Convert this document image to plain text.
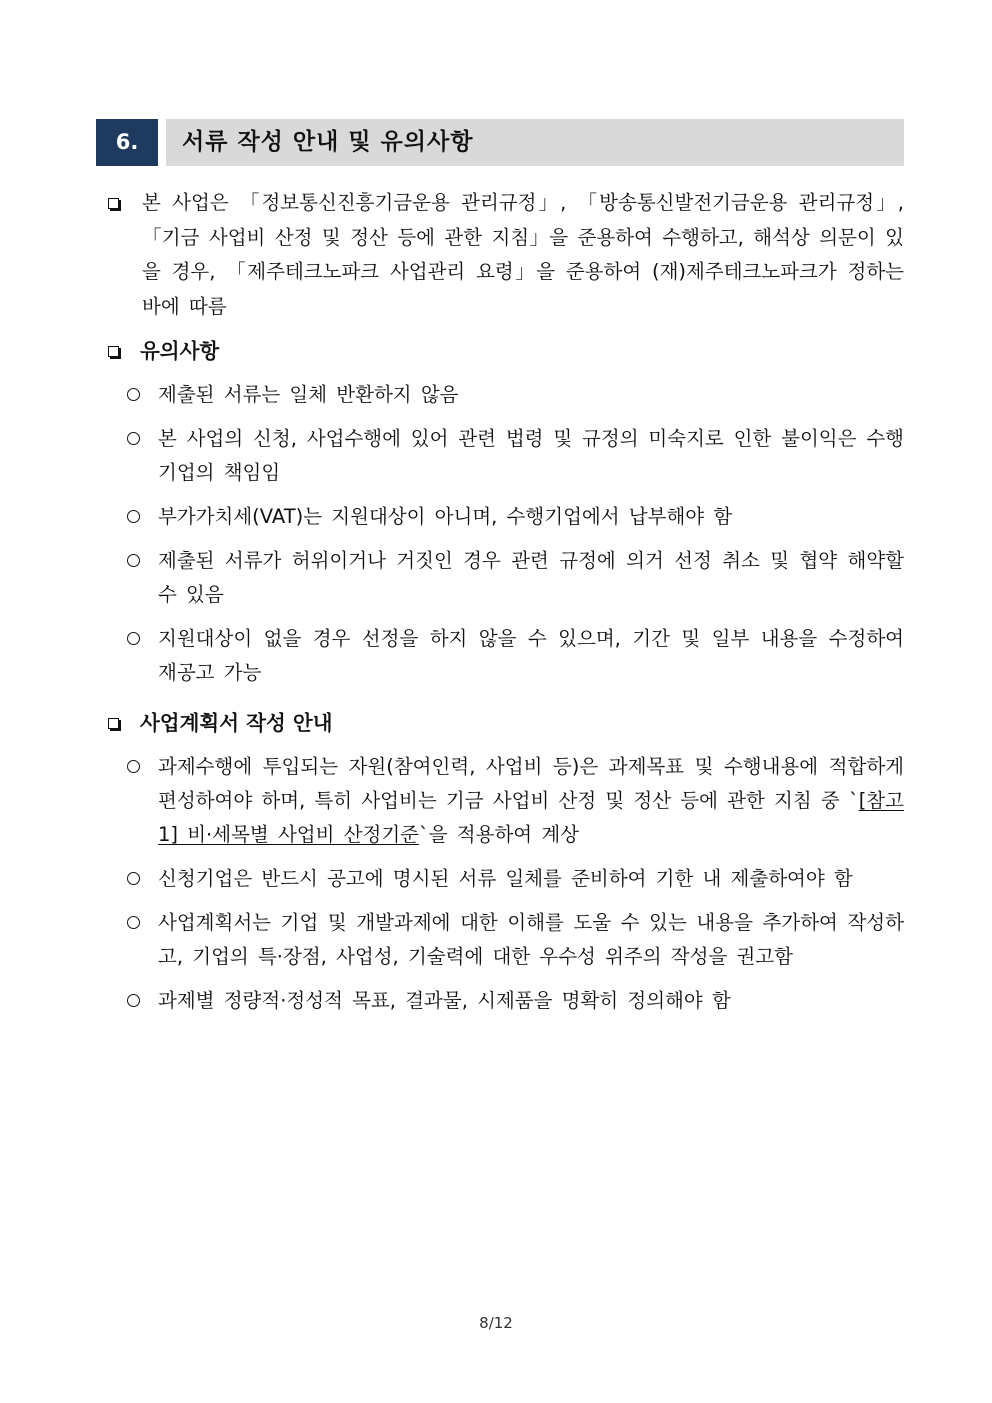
6.	서류 작성 안내 및 유의사항
본 사업은 「정보통신진흥기금운용 관리규정」, 「방송통신발전기금운용 관리규정」, 「기금 사업비 산정 및 정산 등에 관한 지침」을 준용하여 수행하고, 해석상 의문이 있을 경우, 「제주테크노파크 사업관리 요령」을 준용하여 (재)제주테크노파크가 정하는 바에 따름
유의사항
제출된 서류는 일체 반환하지 않음
본 사업의 신청, 사업수행에 있어 관련 법령 및 규정의 미숙지로 인한 불이익은 수행기업의 책임임
부가가치세(VAT)는 지원대상이 아니며, 수행기업에서 납부해야 함
제출된 서류가 허위이거나 거짓인 경우 관련 규정에 의거 선정 취소 및 협약 해약할 수 있음
지원대상이 없을 경우 선정을 하지 않을 수 있으며, 기간 및 일부 내용을 수정하여 재공고 가능
사업계획서 작성 안내
과제수행에 투입되는 자원(참여인력, 사업비 등)은 과제목표 및 수행내용에 적합하게 편성하여야 하며, 특히 사업비는 기금 사업비 산정 및 정산 등에 관한 지침 중 `[참고1] 비·세목별 사업비 산정기준`을 적용하여 계상
신청기업은 반드시 공고에 명시된 서류 일체를 준비하여 기한 내 제출하여야 함
사업계획서는 기업 및 개발과제에 대한 이해를 도울 수 있는 내용을 추가하여 작성하고, 기업의 특·장점, 사업성, 기술력에 대한 우수성 위주의 작성을 권고함
과제별 정량적·정성적 목표, 결과물, 시제품을 명확히 정의해야 함
8/12
